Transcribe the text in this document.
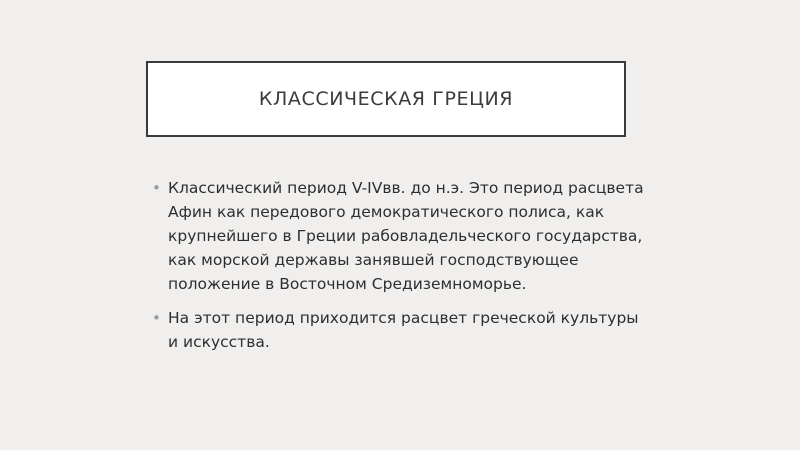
КЛАССИЧЕСКАЯ ГРЕЦИЯ
• Классический период V-IVвв. до н.э. Это период расцвета Афин как передового демократического полиса, как крупнейшего в Греции рабовладельческого государства, как морской державы занявшей господствующее положение в Восточном Средиземноморье.
• На этот период приходится расцвет греческой культуры и искусства.
